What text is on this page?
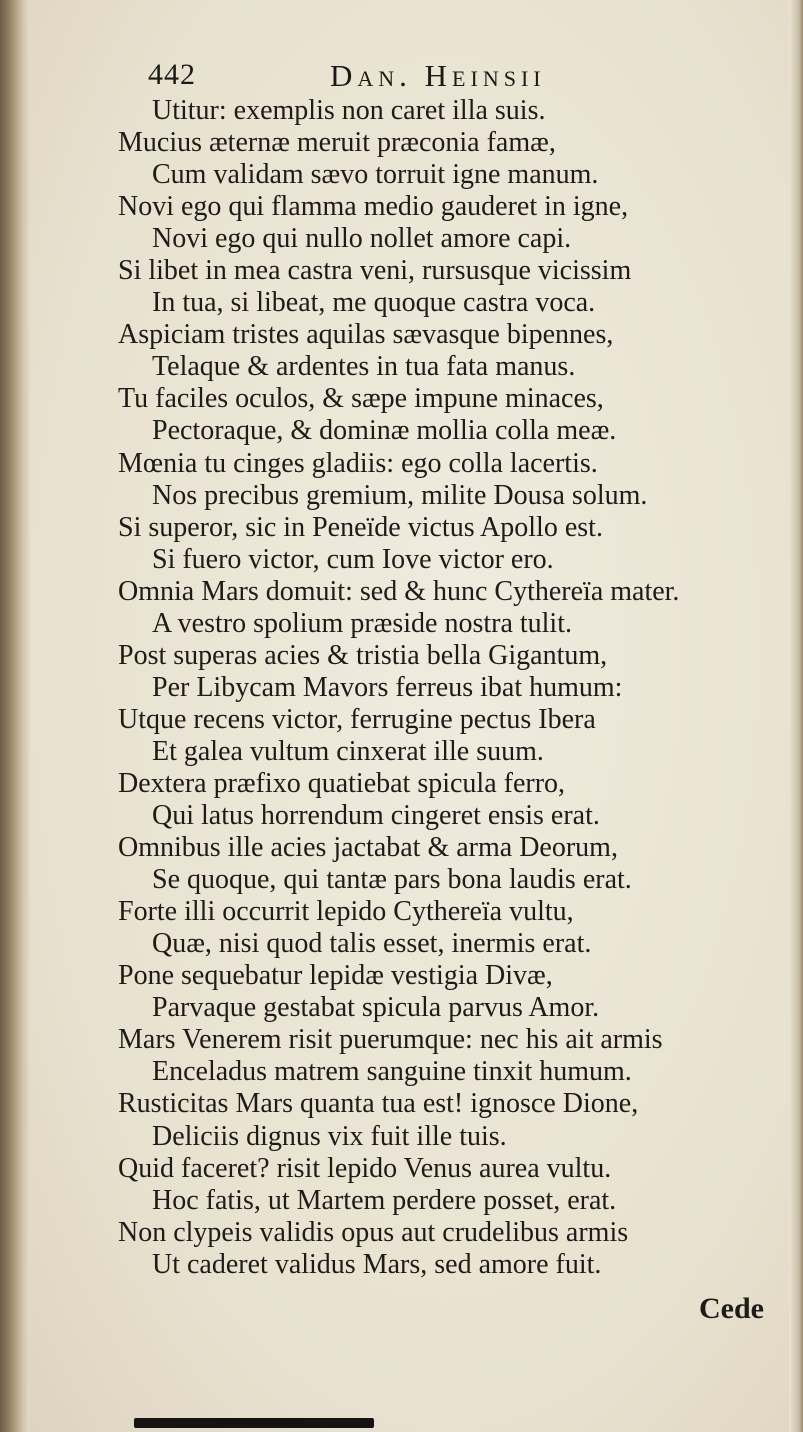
442	Dan. Heinsii
Utitur: exemplis non caret illa suis.
Mucius æternæ meruit præconia famæ,
Cum validam sævo torruit igne manum.
Novi ego qui flamma medio gauderet in igne,
Novi ego qui nullo nollet amore capi.
Si libet in mea castra veni, rursusque vicissim
In tua, si libeat, me quoque castra voca.
Aspiciam tristes aquilas sævasque bipennes,
Telaque & ardentes in tua fata manus.
Tu faciles oculos, & sæpe impune minaces,
Pectoraque, & dominæ mollia colla meæ.
Mœnia tu cinges gladiis: ego colla lacertis.
Nos precibus gremium, milite Dousa solum.
Si superor, sic in Peneïde victus Apollo est.
Si fuero victor, cum Iove victor ero.
Omnia Mars domuit: sed & hunc Cythereïa mater.
A vestro spolium præside nostra tulit.
Post superas acies & tristia bella Gigantum,
Per Libycam Mavors ferreus ibat humum:
Utque recens victor, ferrugine pectus Ibera
Et galea vultum cinxerat ille suum.
Dextera præfixo quatiebat spicula ferro,
Qui latus horrendum cingeret ensis erat.
Omnibus ille acies jactabat & arma Deorum,
Se quoque, qui tantæ pars bona laudis erat.
Forte illi occurrit lepido Cythereïa vultu,
Quæ, nisi quod talis esset, inermis erat.
Pone sequebatur lepidæ vestigia Divæ,
Parvaque gestabat spicula parvus Amor.
Mars Venerem risit puerumque: nec his ait armis
Enceladus matrem sanguine tinxit humum.
Rusticitas Mars quanta tua est! ignosce Dione,
Deliciis dignus vix fuit ille tuis.
Quid faceret? risit lepido Venus aurea vultu.
Hoc fatis, ut Martem perdere posset, erat.
Non clypeis validis opus aut crudelibus armis
Ut caderet validus Mars, sed amore fuit.
Cede
